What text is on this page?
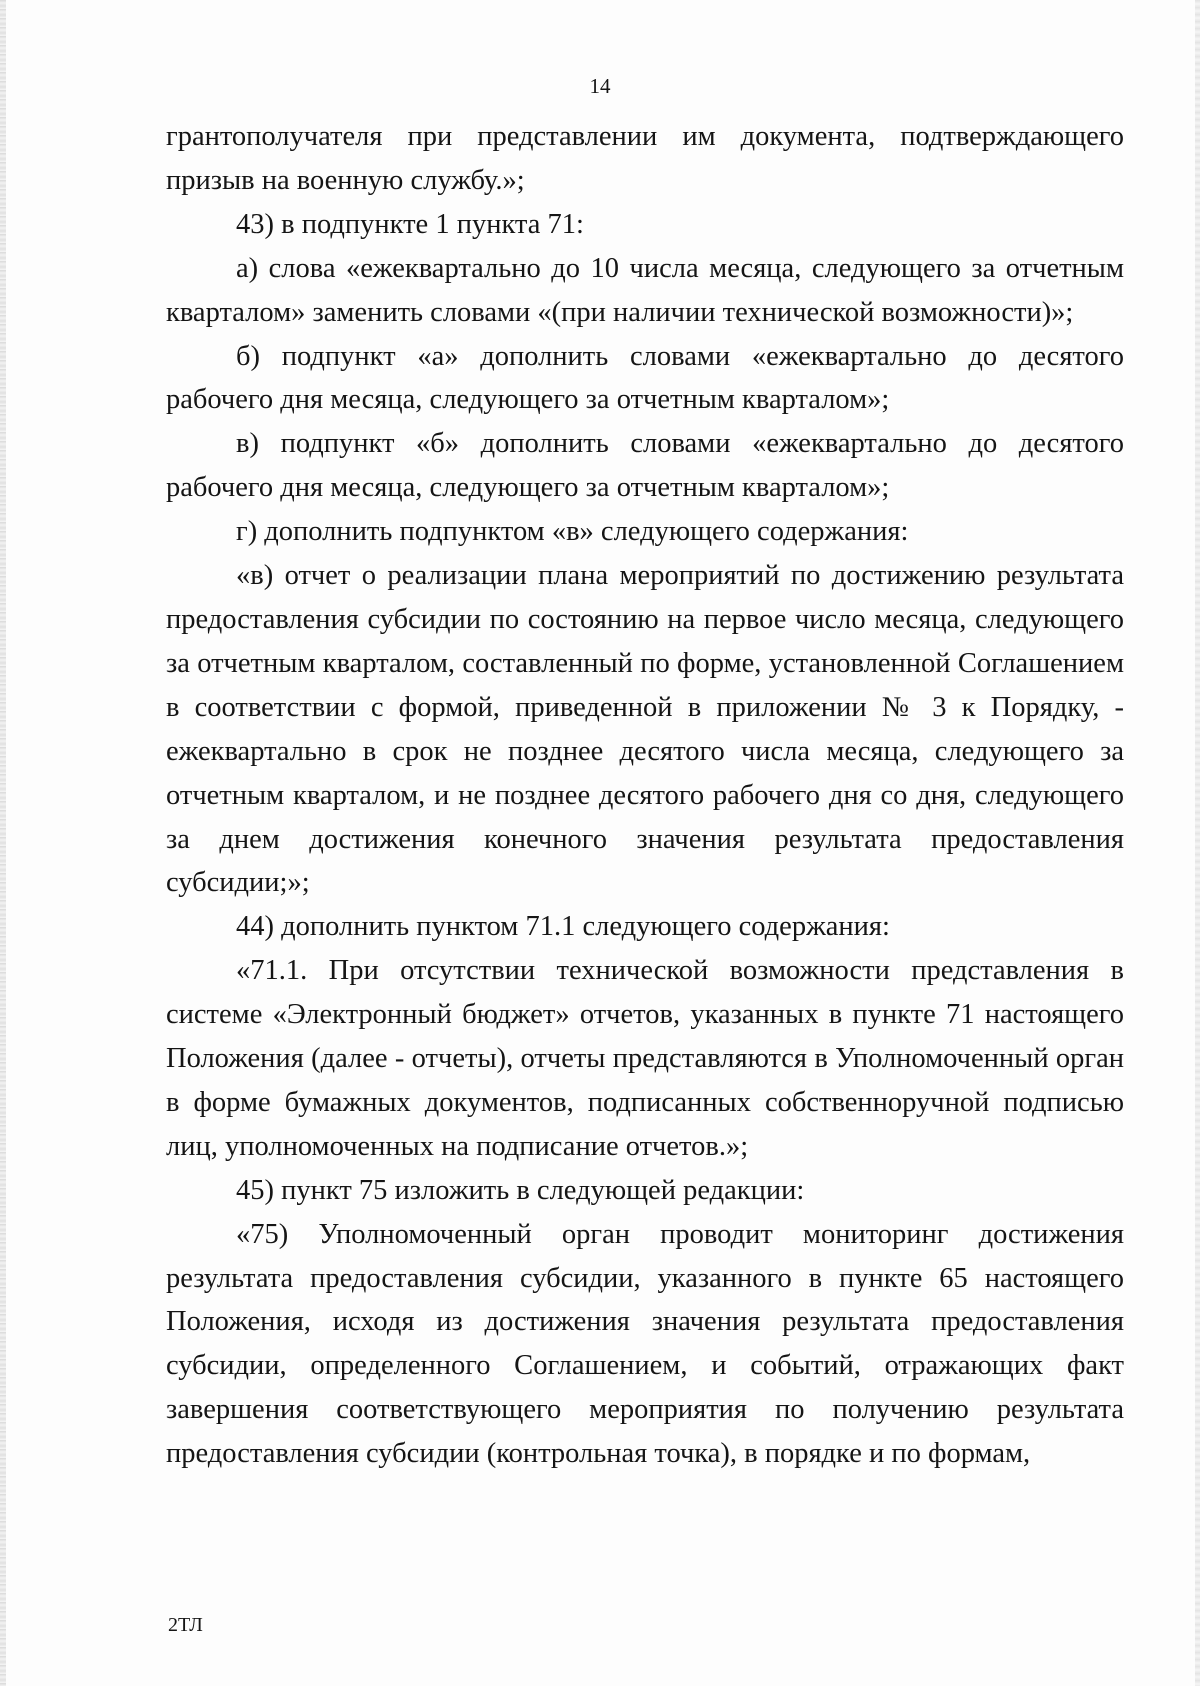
14

грантополучателя при представлении им документа, подтверждающего призыв на военную службу.»;

43) в подпункте 1 пункта 71:

а) слова «ежеквартально до 10 числа месяца, следующего за отчетным кварталом» заменить словами «(при наличии технической возможности)»;

б) подпункт «а» дополнить словами «ежеквартально до десятого рабочего дня месяца, следующего за отчетным кварталом»;

в) подпункт «б» дополнить словами «ежеквартально до десятого рабочего дня месяца, следующего за отчетным кварталом»;

г) дополнить подпунктом «в» следующего содержания:

«в) отчет о реализации плана мероприятий по достижению результата предоставления субсидии по состоянию на первое число месяца, следующего за отчетным кварталом, составленный по форме, установленной Соглашением в соответствии с формой, приведенной в приложении № 3 к Порядку, - ежеквартально в срок не позднее десятого числа месяца, следующего за отчетным кварталом, и не позднее десятого рабочего дня со дня, следующего за днем достижения конечного значения результата предоставления субсидии;»;

44) дополнить пунктом 71.1 следующего содержания:

«71.1. При отсутствии технической возможности представления в системе «Электронный бюджет» отчетов, указанных в пункте 71 настоящего Положения (далее - отчеты), отчеты представляются в Уполномоченный орган в форме бумажных документов, подписанных собственноручной подписью лиц, уполномоченных на подписание отчетов.»;

45) пункт 75 изложить в следующей редакции:

«75) Уполномоченный орган проводит мониторинг достижения результата предоставления субсидии, указанного в пункте 65 настоящего Положения, исходя из достижения значения результата предоставления субсидии, определенного Соглашением, и событий, отражающих факт завершения соответствующего мероприятия по получению результата предоставления субсидии (контрольная точка), в порядке и по формам,

2ТЛ
